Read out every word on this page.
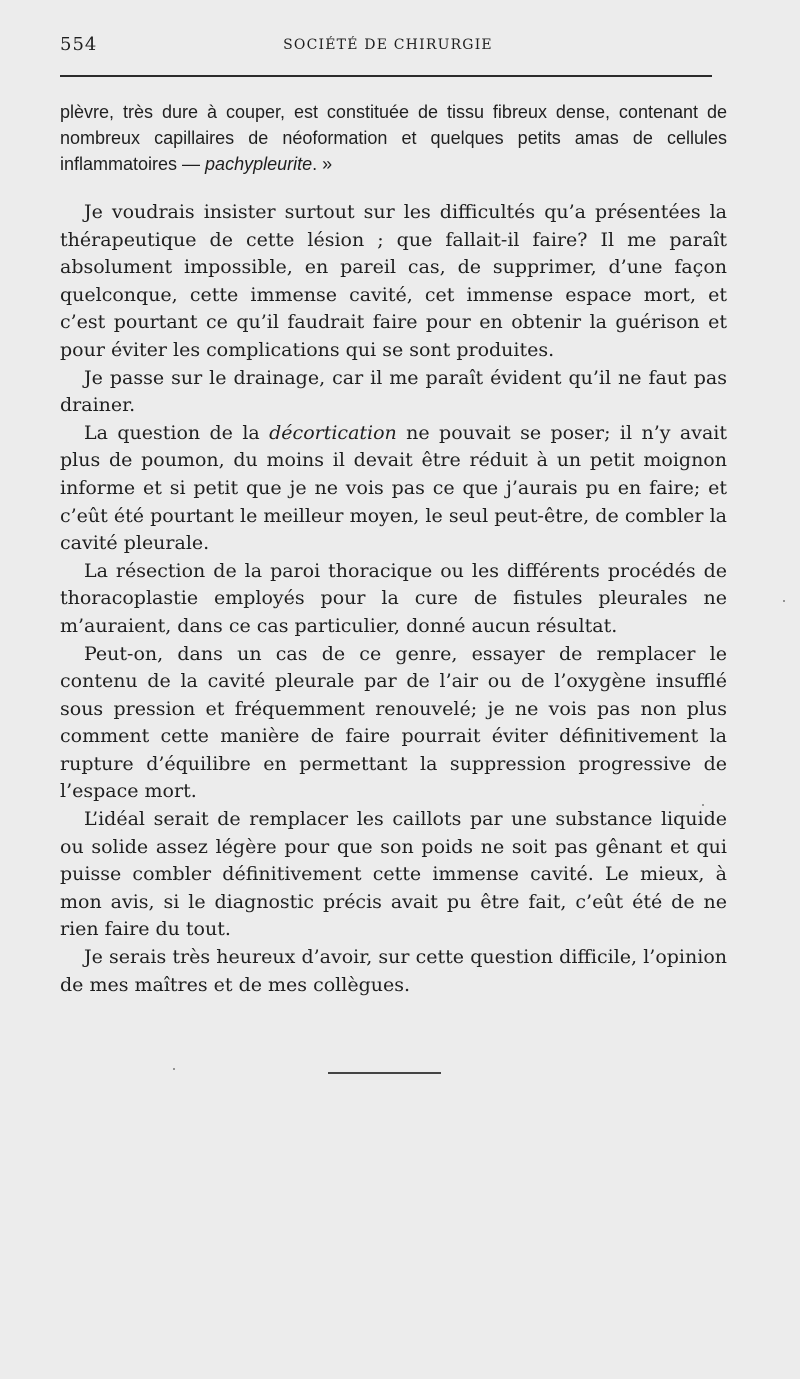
554	SOCIÉTÉ DE CHIRURGIE

plèvre, très dure à couper, est constituée de tissu fibreux dense, contenant de nombreux capillaires de néoformation et quelques petits amas de cellules inflammatoires — pachypleurite. »

Je voudrais insister surtout sur les difficultés qu’a présentées la thérapeutique de cette lésion ; que fallait-il faire? Il me paraît absolument impossible, en pareil cas, de supprimer, d’une façon quelconque, cette immense cavité, cet immense espace mort, et c’est pourtant ce qu’il faudrait faire pour en obtenir la guérison et pour éviter les complications qui se sont produites.

Je passe sur le drainage, car il me paraît évident qu’il ne faut pas drainer.

La question de la décortication ne pouvait se poser; il n’y avait plus de poumon, du moins il devait être réduit à un petit moignon informe et si petit que je ne vois pas ce que j’aurais pu en faire; et c’eût été pourtant le meilleur moyen, le seul peut-être, de combler la cavité pleurale.

La résection de la paroi thoracique ou les différents procédés de thoracoplastie employés pour la cure de fistules pleurales ne m’auraient, dans ce cas particulier, donné aucun résultat.

Peut-on, dans un cas de ce genre, essayer de remplacer le contenu de la cavité pleurale par de l’air ou de l’oxygène insufflé sous pression et fréquemment renouvelé; je ne vois pas non plus comment cette manière de faire pourrait éviter définitivement la rupture d’équilibre en permettant la suppression progressive de l’espace mort.

L’idéal serait de remplacer les caillots par une substance liquide ou solide assez légère pour que son poids ne soit pas gênant et qui puisse combler définitivement cette immense cavité. Le mieux, à mon avis, si le diagnostic précis avait pu être fait, c’eût été de ne rien faire du tout.

Je serais très heureux d’avoir, sur cette question difficile, l’opinion de mes maîtres et de mes collègues.
